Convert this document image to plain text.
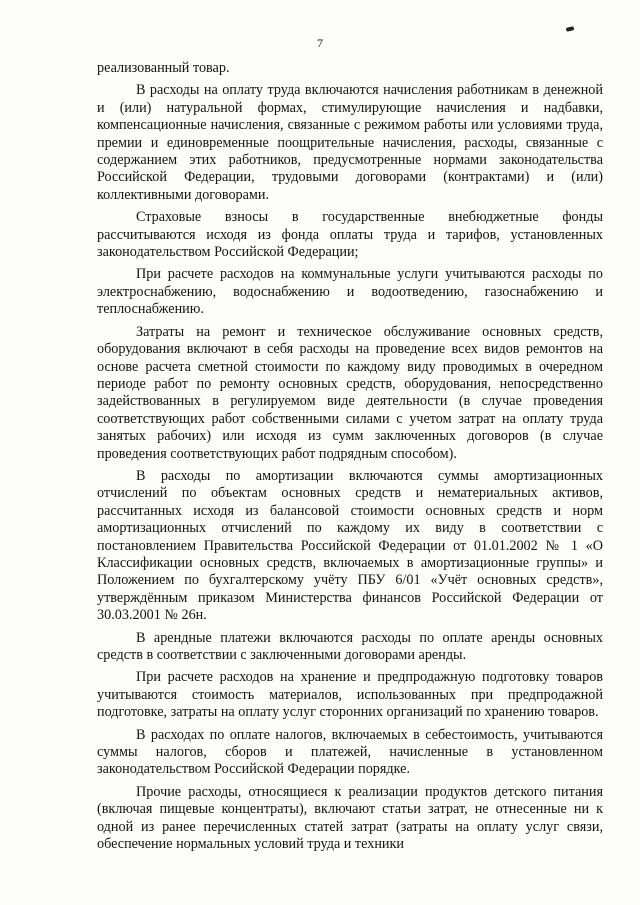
7

реализованный товар.

В расходы на оплату труда включаются начисления работникам в денежной и (или) натуральной формах, стимулирующие начисления и надбавки, компенсационные начисления, связанные с режимом работы или условиями труда, премии и единовременные поощрительные начисления, расходы, связанные с содержанием этих работников, предусмотренные нормами законодательства Российской Федерации, трудовыми договорами (контрактами) и (или) коллективными договорами.

Страховые взносы в государственные внебюджетные фонды рассчитываются исходя из фонда оплаты труда и тарифов, установленных законодательством Российской Федерации;

При расчете расходов на коммунальные услуги учитываются расходы по электроснабжению, водоснабжению и водоотведению, газоснабжению и теплоснабжению.

Затраты на ремонт и техническое обслуживание основных средств, оборудования включают в себя расходы на проведение всех видов ремонтов на основе расчета сметной стоимости по каждому виду проводимых в очередном периоде работ по ремонту основных средств, оборудования, непосредственно задействованных в регулируемом виде деятельности (в случае проведения соответствующих работ собственными силами с учетом затрат на оплату труда занятых рабочих) или исходя из сумм заключенных договоров (в случае проведения соответствующих работ подрядным способом).

В расходы по амортизации включаются суммы амортизационных отчислений по объектам основных средств и нематериальных активов, рассчитанных исходя из балансовой стоимости основных средств и норм амортизационных отчислений по каждому их виду в соответствии с постановлением Правительства Российской Федерации от 01.01.2002 № 1 «О Классификации основных средств, включаемых в амортизационные группы» и Положением по бухгалтерскому учёту ПБУ 6/01 «Учёт основных средств», утверждённым приказом Министерства финансов Российской Федерации от 30.03.2001 № 26н.

В арендные платежи включаются расходы по оплате аренды основных средств в соответствии с заключенными договорами аренды.

При расчете расходов на хранение и предпродажную подготовку товаров учитываются стоимость материалов, использованных при предпродажной подготовке, затраты на оплату услуг сторонних организаций по хранению товаров.

В расходах по оплате налогов, включаемых в себестоимость, учитываются суммы налогов, сборов и платежей, начисленные в установленном законодательством Российской Федерации порядке.

Прочие расходы, относящиеся к реализации продуктов детского питания (включая пищевые концентраты), включают статьи затрат, не отнесенные ни к одной из ранее перечисленных статей затрат (затраты на оплату услуг связи, обеспечение нормальных условий труда и техники
